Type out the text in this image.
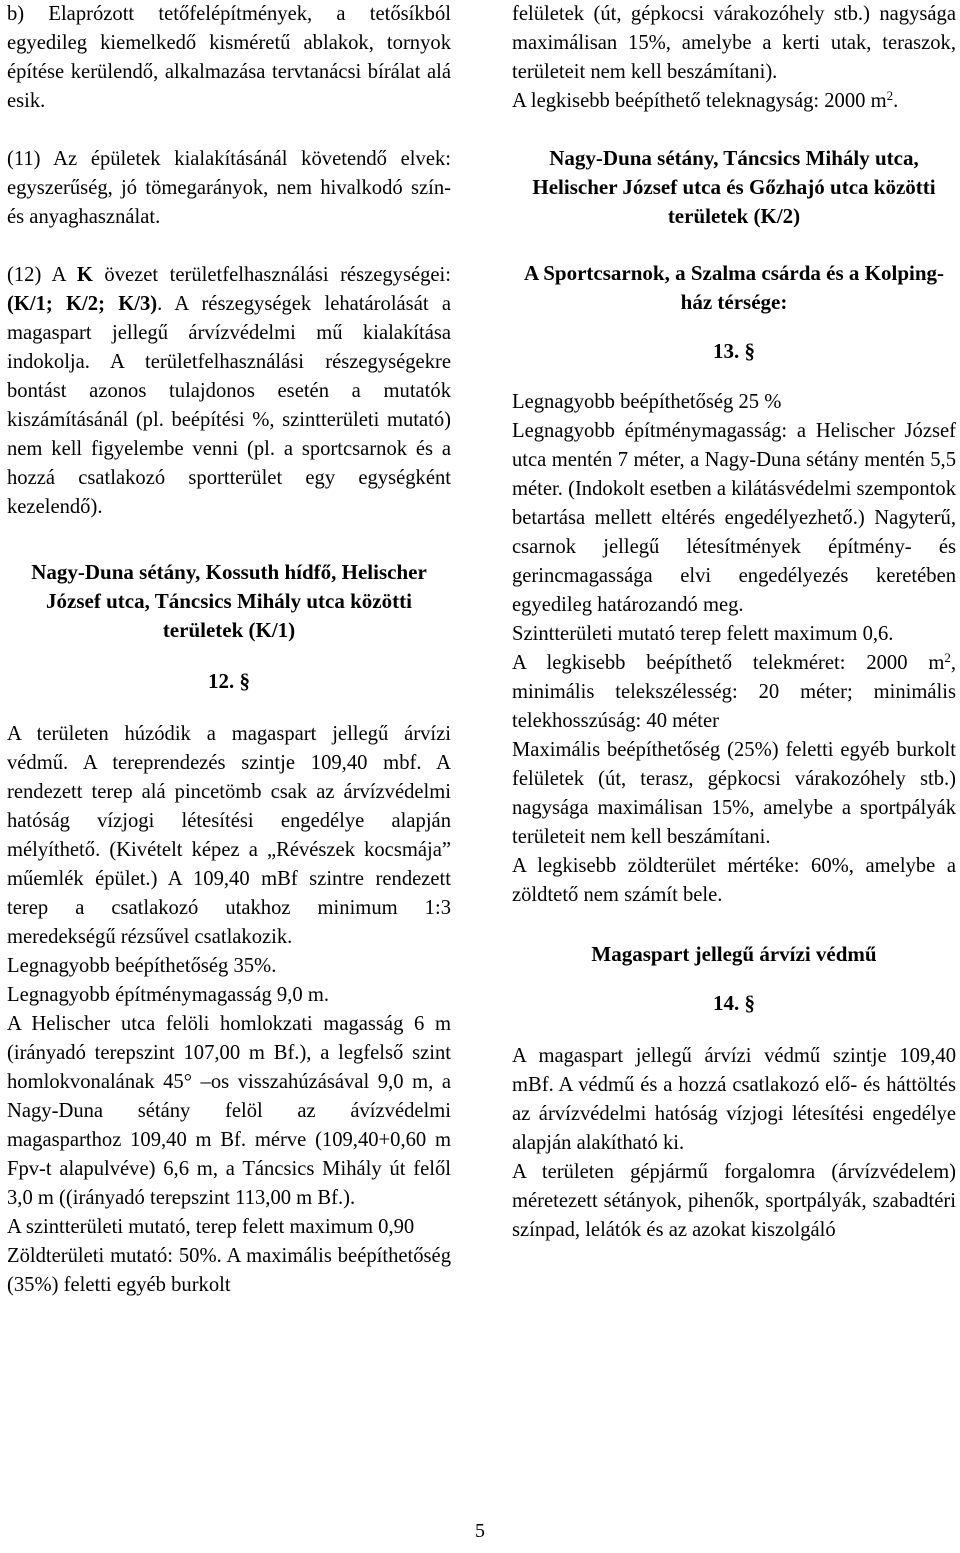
b) Elaprózott tetőfelépítmények, a tetősíkból egyedileg kiemelkedő kisméretű ablakok, tornyok építése kerülendő, alkalmazása tervtanácsi bírálat alá esik.

(11) Az épületek kialakításánál követendő elvek: egyszerűség, jó tömegarányok, nem hivalkodó szín- és anyaghasználat.

(12) A K övezet területfelhasználási részegységei: (K/1; K/2; K/3). A részegységek lehatárolását a magaspart jellegű árvízvédelmi mű kialakítása indokolja. A területfelhasználási részegységekre bontást azonos tulajdonos esetén a mutatók kiszámításánál (pl. beépítési %, szintterületi mutató) nem kell figyelembe venni (pl. a sportcsarnok és a hozzá csatlakozó sportterület egy egységként kezelendő).

Nagy-Duna sétány, Kossuth hídfő, Helischer József utca, Táncsics Mihály utca közötti területek (K/1)

12. §

A területen húzódik a magaspart jellegű árvízi védmű. A tereprendezés szintje 109,40 mbf. A rendezett terep alá pincetömb csak az árvízvédelmi hatóság vízjogi létesítési engedélye alapján mélyíthető. (Kivételt képez a „Révészek kocsmája” műemlék épület.) A 109,40 mBf szintre rendezett terep a csatlakozó utakhoz minimum 1:3 meredekségű rézsűvel csatlakozik.

Legnagyobb beépíthetőség 35%.

Legnagyobb építménymagasság 9,0 m.

A Helischer utca felöli homlokzati magasság 6 m (irányadó terepszint 107,00 m Bf.), a legfelső szint homlokvonalának 45° –os visszahúzásával 9,0 m, a Nagy-Duna sétány felöl az ávízvédelmi magasparthoz 109,40 m Bf. mérve (109,40+0,60 m Fpv-t alapulvéve) 6,6 m, a Táncsics Mihály út felől 3,0 m ((irányadó terepszint 113,00 m Bf.).

A szintterületi mutató, terep felett maximum 0,90

Zöldterületi mutató: 50%. A maximális beépíthetőség (35%) feletti egyéb burkolt

felületek (út, gépkocsi várakozóhely stb.) nagysága maximálisan 15%, amelybe a kerti utak, teraszok, területeit nem kell beszámítani).

A legkisebb beépíthető teleknagyság: 2000 $m^2$.

Nagy-Duna sétány, Táncsics Mihály utca, Helischer József utca és Gőzhajó utca közötti területek (K/2)

A Sportcsarnok, a Szalma csárda és a Kolping-ház térsége:

13. §

Legnagyobb beépíthetőség 25 %

Legnagyobb építménymagasság: a Helischer József utca mentén 7 méter, a Nagy-Duna sétány mentén 5,5 méter. (Indokolt esetben a kilátásvédelmi szempontok betartása mellett eltérés engedélyezhető.) Nagyterű, csarnok jellegű létesítmények építmény- és gerincmagassága elvi engedélyezés keretében egyedileg határozandó meg.

Szintterületi mutató terep felett maximum 0,6.

A legkisebb beépíthető telekméret: 2000 $m^2$, minimális telekszélesség: 20 méter; minimális telekhosszúság: 40 méter

Maximális beépíthetőség (25%) feletti egyéb burkolt felületek (út, terasz, gépkocsi várakozóhely stb.) nagysága maximálisan 15%, amelybe a sportpályák területeit nem kell beszámítani.

A legkisebb zöldterület mértéke: 60%, amelybe a zöldtető nem számít bele.

Magaspart jellegű árvízi védmű

14. §

A magaspart jellegű árvízi védmű szintje 109,40 mBf. A védmű és a hozzá csatlakozó elő- és háttöltés az árvízvédelmi hatóság vízjogi létesítési engedélye alapján alakítható ki.

A területen gépjármű forgalomra (árvízvédelem) méretezett sétányok, pihenők, sportpályák, szabadtéri színpad, lelátók és az azokat kiszolgáló

5
